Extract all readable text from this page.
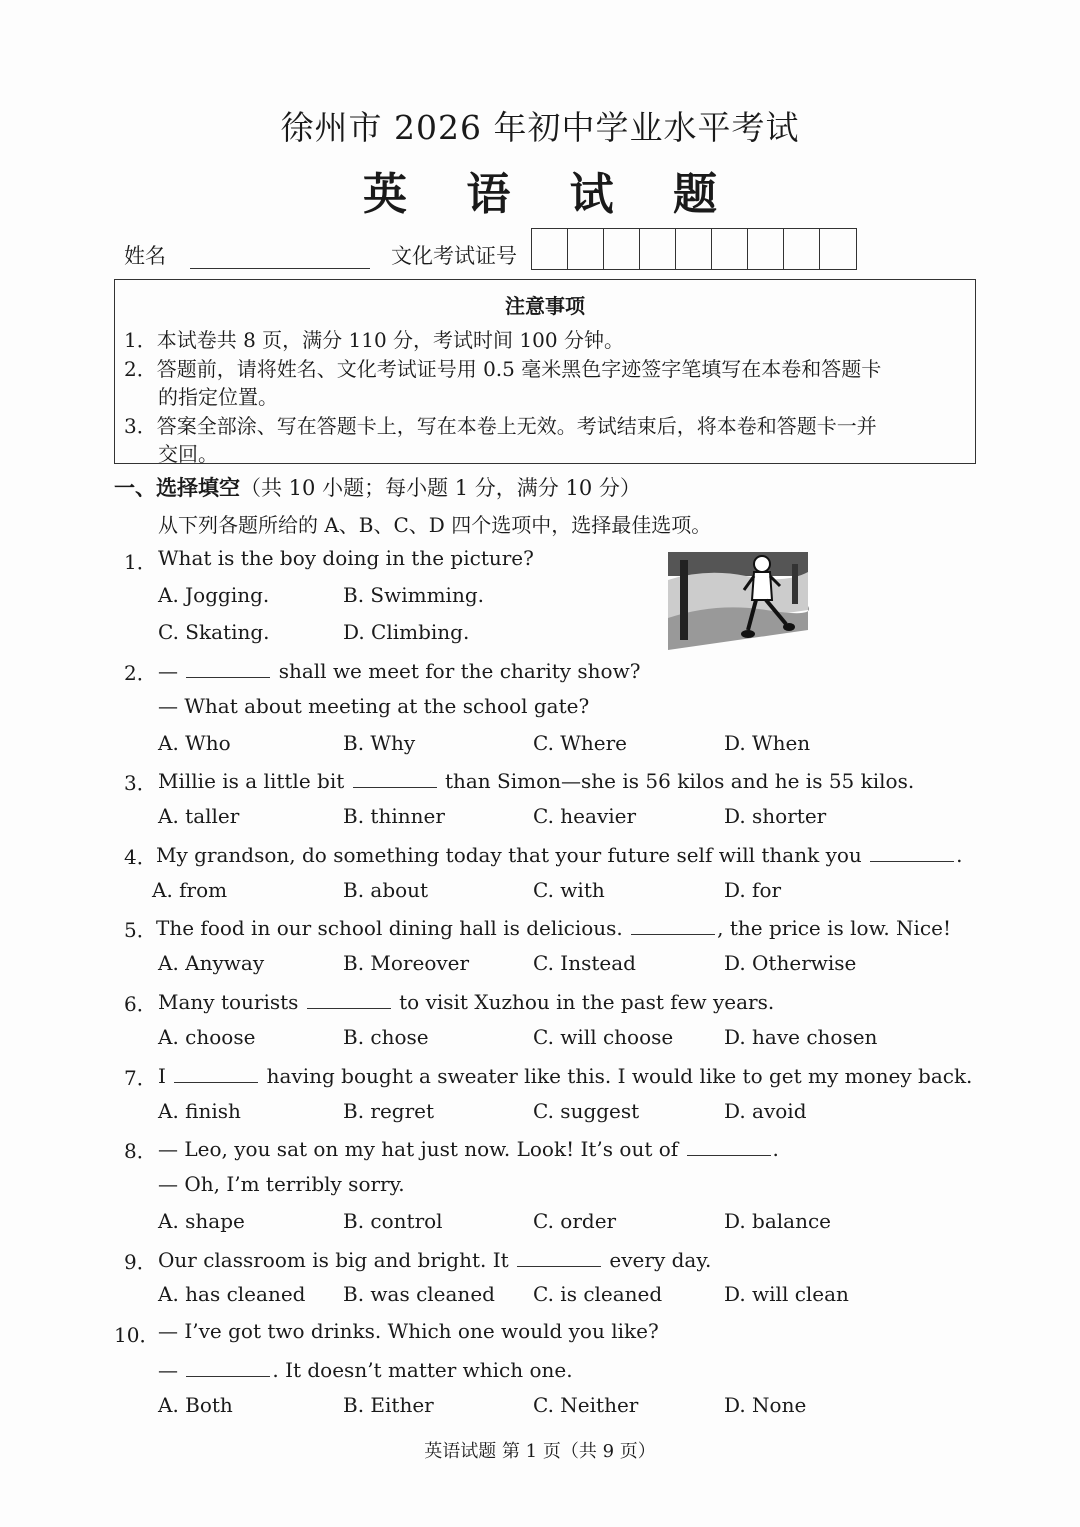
徐州市 2026 年初中学业水平考试
英 语 试 题
姓名	文化考试证号
注意事项
1．本试卷共 8 页，满分 110 分，考试时间 100 分钟。
2．答题前，请将姓名、文化考试证号用 0.5 毫米黑色字迹签字笔填写在本卷和答题卡
的指定位置。
3．答案全部涂、写在答题卡上，写在本卷上无效。考试结束后，将本卷和答题卡一并
交回。
一、选择填空（共 10 小题；每小题 1 分，满分 10 分）
从下列各题所给的 A、B、C、D 四个选项中，选择最佳选项。
1． What is the boy doing in the picture?
A. Jogging.	B. Swimming.
C. Skating.	D. Climbing.
2． —	shall we meet for the charity show?
— What about meeting at the school gate?
A. Who	B. Why	C. Where	D. When
3． Millie is a little bit	than Simon—she is 56 kilos and he is 55 kilos.
A. taller	B. thinner	C. heavier	D. shorter
4． My grandson, do something today that your future self will thank you	.
A. from	B. about	C. with	D. for
5． The food in our school dining hall is delicious.	, the price is low. Nice!
A. Anyway	B. Moreover	C. Instead	D. Otherwise
6． Many tourists	to visit Xuzhou in the past few years.
A. choose	B. chose	C. will choose	D. have chosen
7． I	having bought a sweater like this. I would like to get my money back.
A. finish	B. regret	C. suggest	D. avoid
8． — Leo, you sat on my hat just now. Look! It’s out of	.
— Oh, I’m terribly sorry.
A. shape	B. control	C. order	D. balance
9． Our classroom is big and bright. It	every day.
A. has cleaned B. was cleaned C. is cleaned	D. will clean
10．
— I’ve got two drinks. Which one would you like?
—	. It doesn’t matter which one.
A. Both	B. Either	C. Neither	D. None
英语试题 第 1 页（共 9 页）
